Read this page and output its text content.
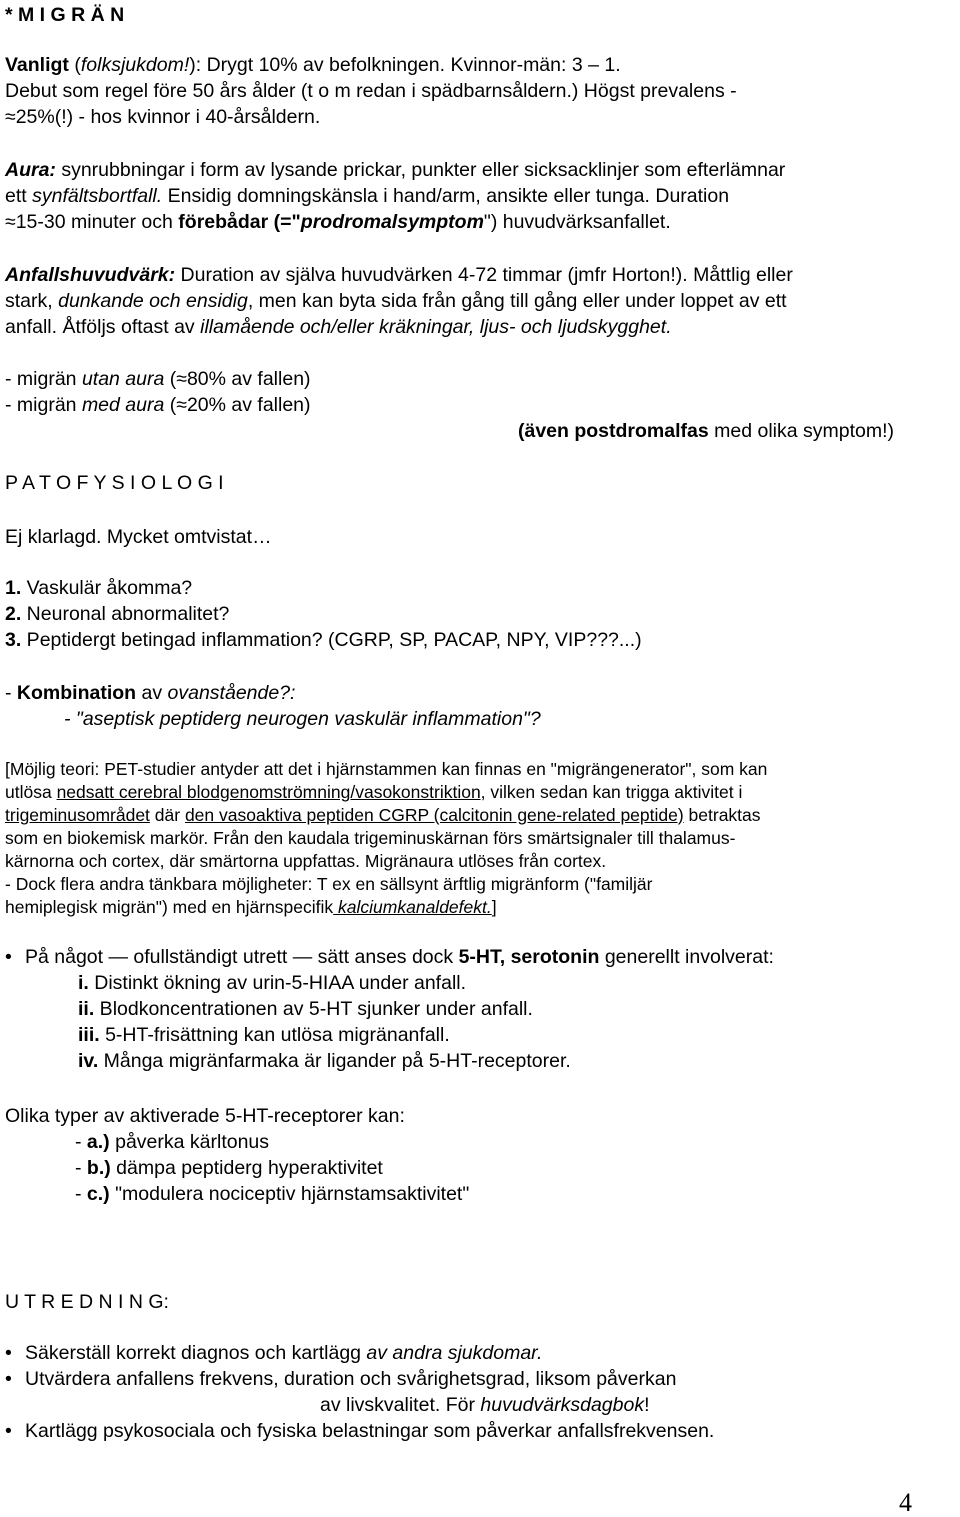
* M I G R Ä N
Vanligt (folksjukdom!): Drygt 10% av befolkningen. Kvinnor-män: 3 – 1.
Debut som regel före 50 års ålder (t o m redan i spädbarnsåldern.) Högst prevalens -
≈25%(!) - hos kvinnor i 40-årsåldern.
Aura: synrubbningar i form av lysande prickar, punkter eller sicksacklinjer som efterlämnar
ett synfältsbortfall. Ensidig domningskänsla i hand/arm, ansikte eller tunga. Duration
≈15-30 minuter och förebådar (="prodromalsymptom") huvudvärksanfallet.
Anfallshuvudvärk: Duration av själva huvudvärken 4-72 timmar (jmfr Horton!). Måttlig eller
stark, dunkande och ensidig, men kan byta sida från gång till gång eller under loppet av ett
anfall. Åtföljs oftast av illamående och/eller kräkningar, ljus- och ljudskygghet.
- migrän utan aura (≈80% av fallen)
- migrän med aura (≈20% av fallen)
(även postdromalfas med olika symptom!)
P A T O F Y S I O L O G I
Ej klarlagd. Mycket omtvistat…
1. Vaskulär åkomma?
2. Neuronal abnormalitet?
3. Peptidergt betingad inflammation? (CGRP, SP, PACAP, NPY, VIP???...)
- Kombination av ovanstående?:
- "aseptisk peptiderg neurogen vaskulär inflammation"?
[Möjlig teori: PET-studier antyder att det i hjärnstammen kan finnas en "migrängenerator", som kan
utlösa nedsatt cerebral blodgenomströmning/vasokonstriktion, vilken sedan kan trigga aktivitet i
trigeminusområdet där den vasoaktiva peptiden CGRP (calcitonin gene-related peptide) betraktas
som en biokemisk markör. Från den kaudala trigeminuskärnan förs smärtsignaler till thalamus-
kärnorna och cortex, där smärtorna uppfattas. Migränaura utlöses från cortex.
- Dock flera andra tänkbara möjligheter: T ex en sällsynt ärftlig migränform ("familjär
hemiplegisk migrän") med en hjärnspecifik kalciumkanaldefekt.]
• På något — ofullständigt utrett — sätt anses dock 5-HT, serotonin generellt involverat:
i. Distinkt ökning av urin-5-HIAA under anfall.
ii. Blodkoncentrationen av 5-HT sjunker under anfall.
iii. 5-HT-frisättning kan utlösa migränanfall.
iv. Många migränfarmaka är ligander på 5-HT-receptorer.
Olika typer av aktiverade 5-HT-receptorer kan:
- a.) påverka kärltonus
- b.) dämpa peptiderg hyperaktivitet
- c.) "modulera nociceptiv hjärnstamsaktivitet"
U T R E D N I N G:
• Säkerställ korrekt diagnos och kartlägg av andra sjukdomar.
• Utvärdera anfallens frekvens, duration och svårighetsgrad, liksom påverkan
av livskvalitet. För huvudvärksdagbok!
• Kartlägg psykosociala och fysiska belastningar som påverkar anfallsfrekvensen.
4
